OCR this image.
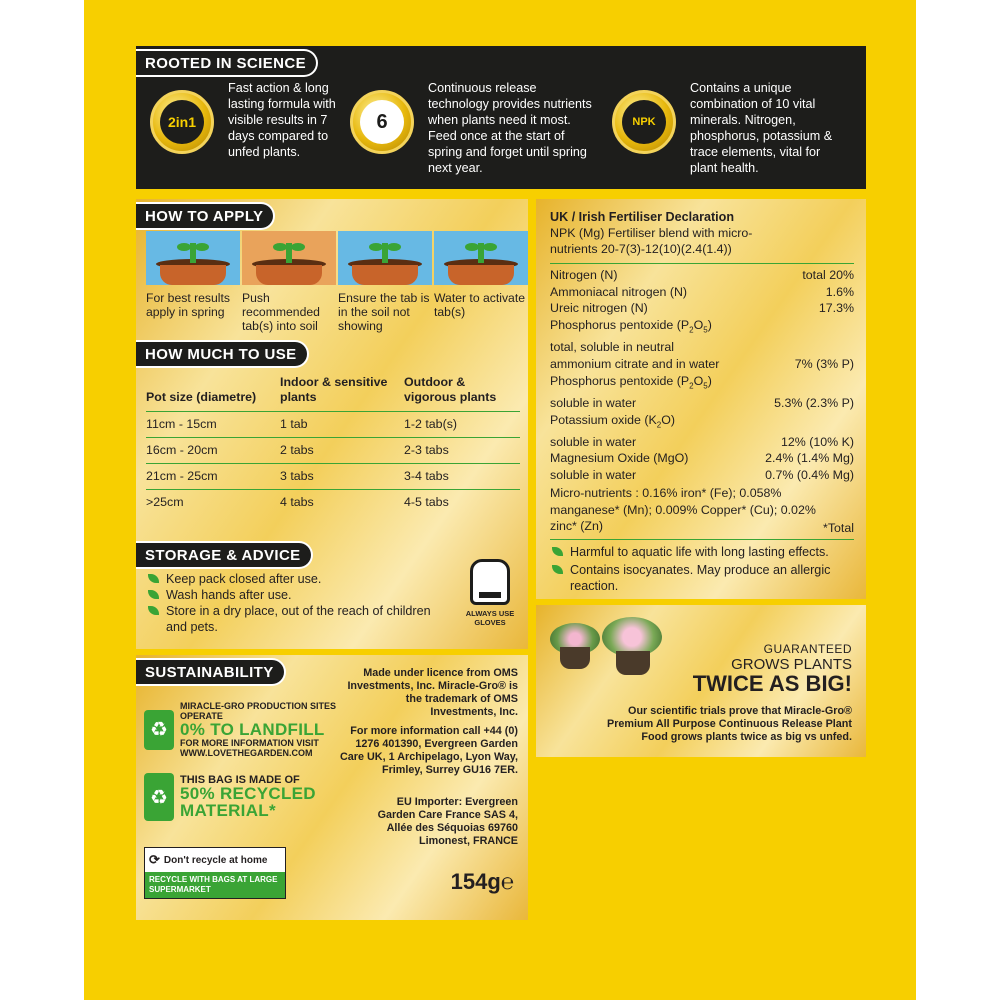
ROOTED IN SCIENCE
2in1

Fast action & long lasting formula with visible results in 7 days compared to unfed plants.

6

Continuous release technology provides nutrients when plants need it most. Feed once at the start of spring and forget until spring next year.

NPK

Contains a unique combination of 10 vital minerals. Nitrogen, phosphorus, potassium & trace elements, vital for plant health.

HOW TO APPLY

For best results apply in spring

Push recommended tab(s) into soil

Ensure the tab is in the soil not showing

Water to activate tab(s)

HOW MUCH TO USE
Pot size (diametre)	Indoor & sensitive plants	Outdoor & vigorous plants
11cm - 15cm	1 tab	1-2 tab(s)
16cm - 20cm	2 tabs	2-3 tabs
21cm - 25cm	3 tabs	3-4 tabs
>25cm	4 tabs	4-5 tabs
STORAGE & ADVICE
Keep pack closed after use.
Wash hands after use.
Store in a dry place, out of the reach of children and pets.
ALWAYS USE GLOVES
SUSTAINABILITY
♻
MIRACLE-GRO PRODUCTION SITES OPERATE
0% TO LANDFILL
FOR MORE INFORMATION VISIT
WWW.LOVETHEGARDEN.COM
♻
THIS BAG IS MADE OF
50% RECYCLED
MATERIAL*
⟳ Don't recycle at home
RECYCLE WITH BAGS AT LARGE SUPERMARKET

Made under licence from OMS Investments, Inc. Miracle-Gro® is the trademark of OMS Investments, Inc.

For more information call +44 (0) 1276 401390, Evergreen Garden Care UK, 1 Archipelago, Lyon Way, Frimley, Surrey GU16 7ER.

EU Importer: Evergreen Garden Care France SAS 4, Allée des Séquoias 69760 Limonest, FRANCE

154g℮
UK / Irish Fertiliser Declaration
NPK (Mg) Fertiliser blend with micro-nutrients 20-7(3)-12(10)(2.4(1.4))
Nitrogen (N)	total 20%
Ammoniacal nitrogen (N)	1.6%
Ureic nitrogen (N)	17.3%
Phosphorus pentoxide $(P_2O_5)$
total, soluble in neutral
ammonium citrate and in water	7% (3% P)
Phosphorus pentoxide $(P_2O_5)$
soluble in water	5.3% (2.3% P)
Potassium oxide $(K_2O)$
soluble in water	12% (10% K)
Magnesium Oxide (MgO)	2.4% (1.4% Mg)
soluble in water	0.7% (0.4% Mg)

Micro-nutrients : 0.16% iron* (Fe); 0.058% manganese* (Mn); 0.009% Copper* (Cu); 0.02% zinc* (Zn)	*Total
Harmful to aquatic life with long lasting effects.
Contains isocyanates. May produce an allergic reaction.
GUARANTEED
GROWS PLANTS
TWICE AS BIG!

Our scientific trials prove that Miracle-Gro® Premium All Purpose Continuous Release Plant Food grows plants twice as big vs unfed.
